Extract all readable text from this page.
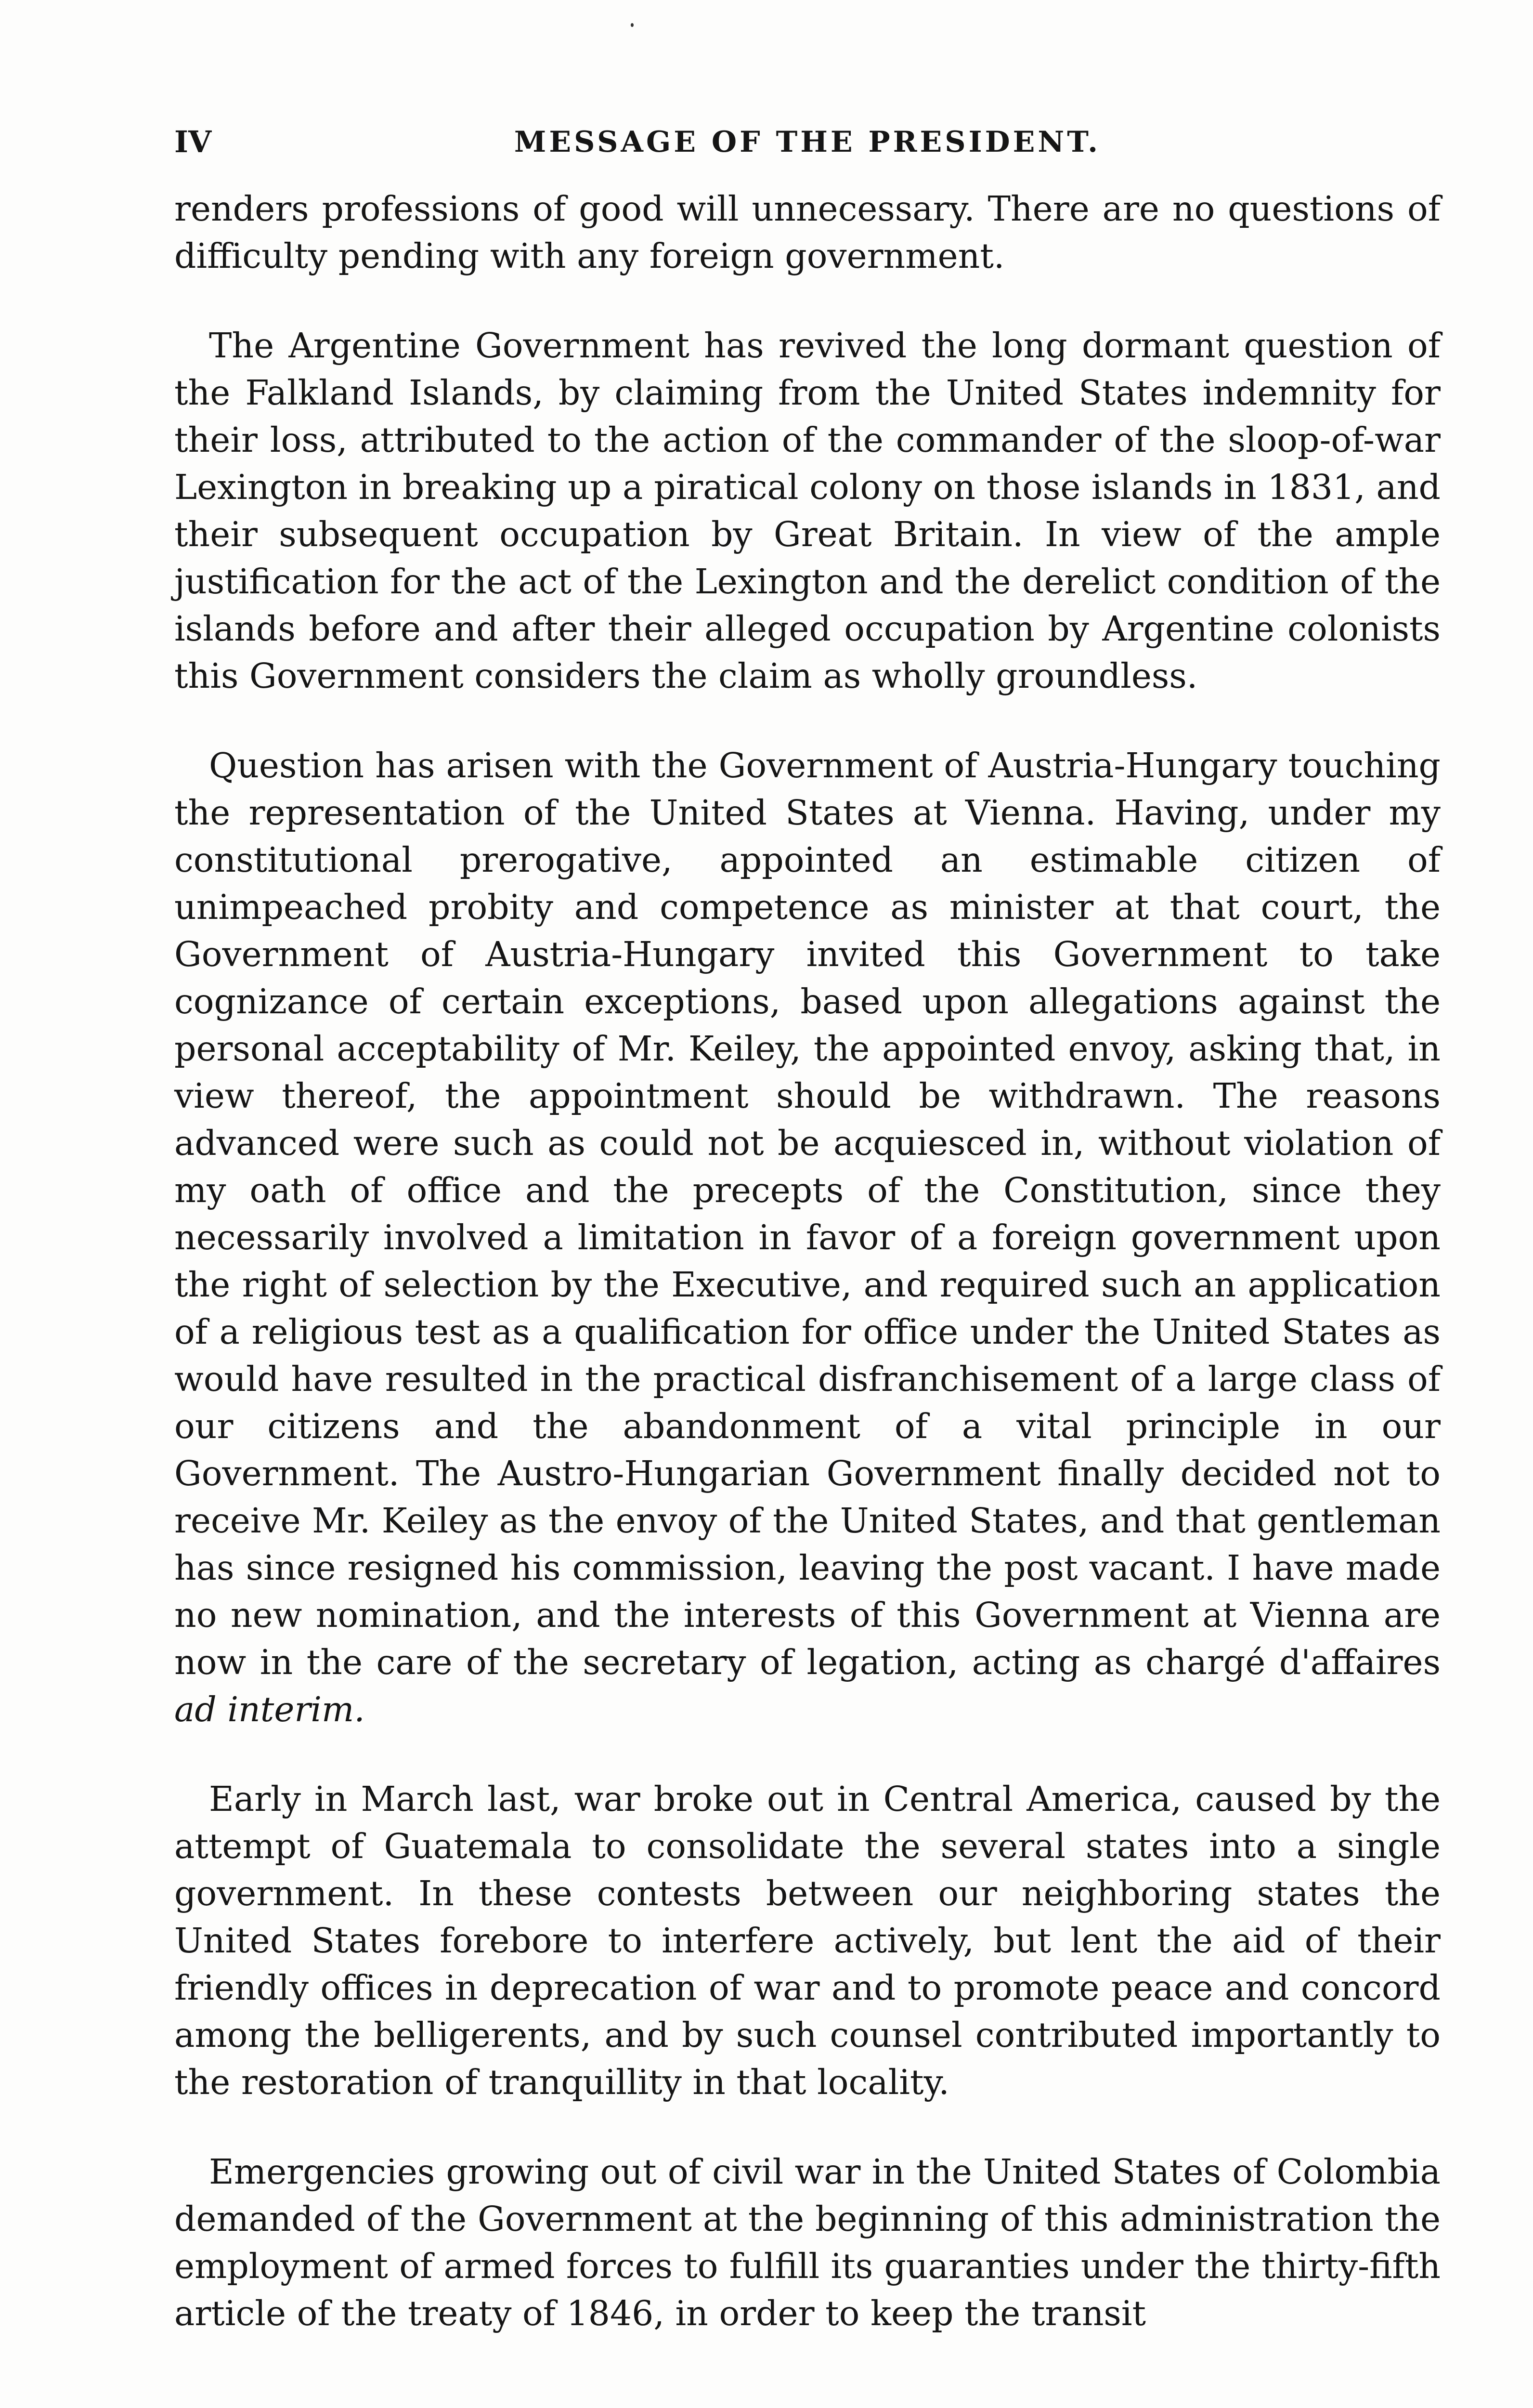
IV	MESSAGE OF THE PRESIDENT.

renders professions of good will unnecessary. There are no questions of difficulty pending with any foreign government.

The Argentine Government has revived the long dormant question of the Falkland Islands, by claiming from the United States indemnity for their loss, attributed to the action of the commander of the sloop-of-war Lexington in breaking up a piratical colony on those islands in 1831, and their subsequent occupation by Great Britain. In view of the ample justification for the act of the Lexington and the derelict condition of the islands before and after their alleged occupation by Argentine colonists this Government considers the claim as wholly groundless.

Question has arisen with the Government of Austria-Hungary touching the representation of the United States at Vienna. Having, under my constitutional prerogative, appointed an estimable citizen of unimpeached probity and competence as minister at that court, the Government of Austria-Hungary invited this Government to take cognizance of certain exceptions, based upon allegations against the personal acceptability of Mr. Keiley, the appointed envoy, asking that, in view thereof, the appointment should be withdrawn. The reasons advanced were such as could not be acquiesced in, without violation of my oath of office and the precepts of the Constitution, since they necessarily involved a limitation in favor of a foreign government upon the right of selection by the Executive, and required such an application of a religious test as a qualification for office under the United States as would have resulted in the practical disfranchisement of a large class of our citizens and the abandonment of a vital principle in our Government. The Austro-Hungarian Government finally decided not to receive Mr. Keiley as the envoy of the United States, and that gentleman has since resigned his commission, leaving the post vacant. I have made no new nomination, and the interests of this Government at Vienna are now in the care of the secretary of legation, acting as chargé d'affaires ad interim.

Early in March last, war broke out in Central America, caused by the attempt of Guatemala to consolidate the several states into a single government. In these contests between our neighboring states the United States forebore to interfere actively, but lent the aid of their friendly offices in deprecation of war and to promote peace and concord among the belligerents, and by such counsel contributed importantly to the restoration of tranquillity in that locality.

Emergencies growing out of civil war in the United States of Colombia demanded of the Government at the beginning of this administration the employment of armed forces to fulfill its guaranties under the thirty-fifth article of the treaty of 1846, in order to keep the transit
